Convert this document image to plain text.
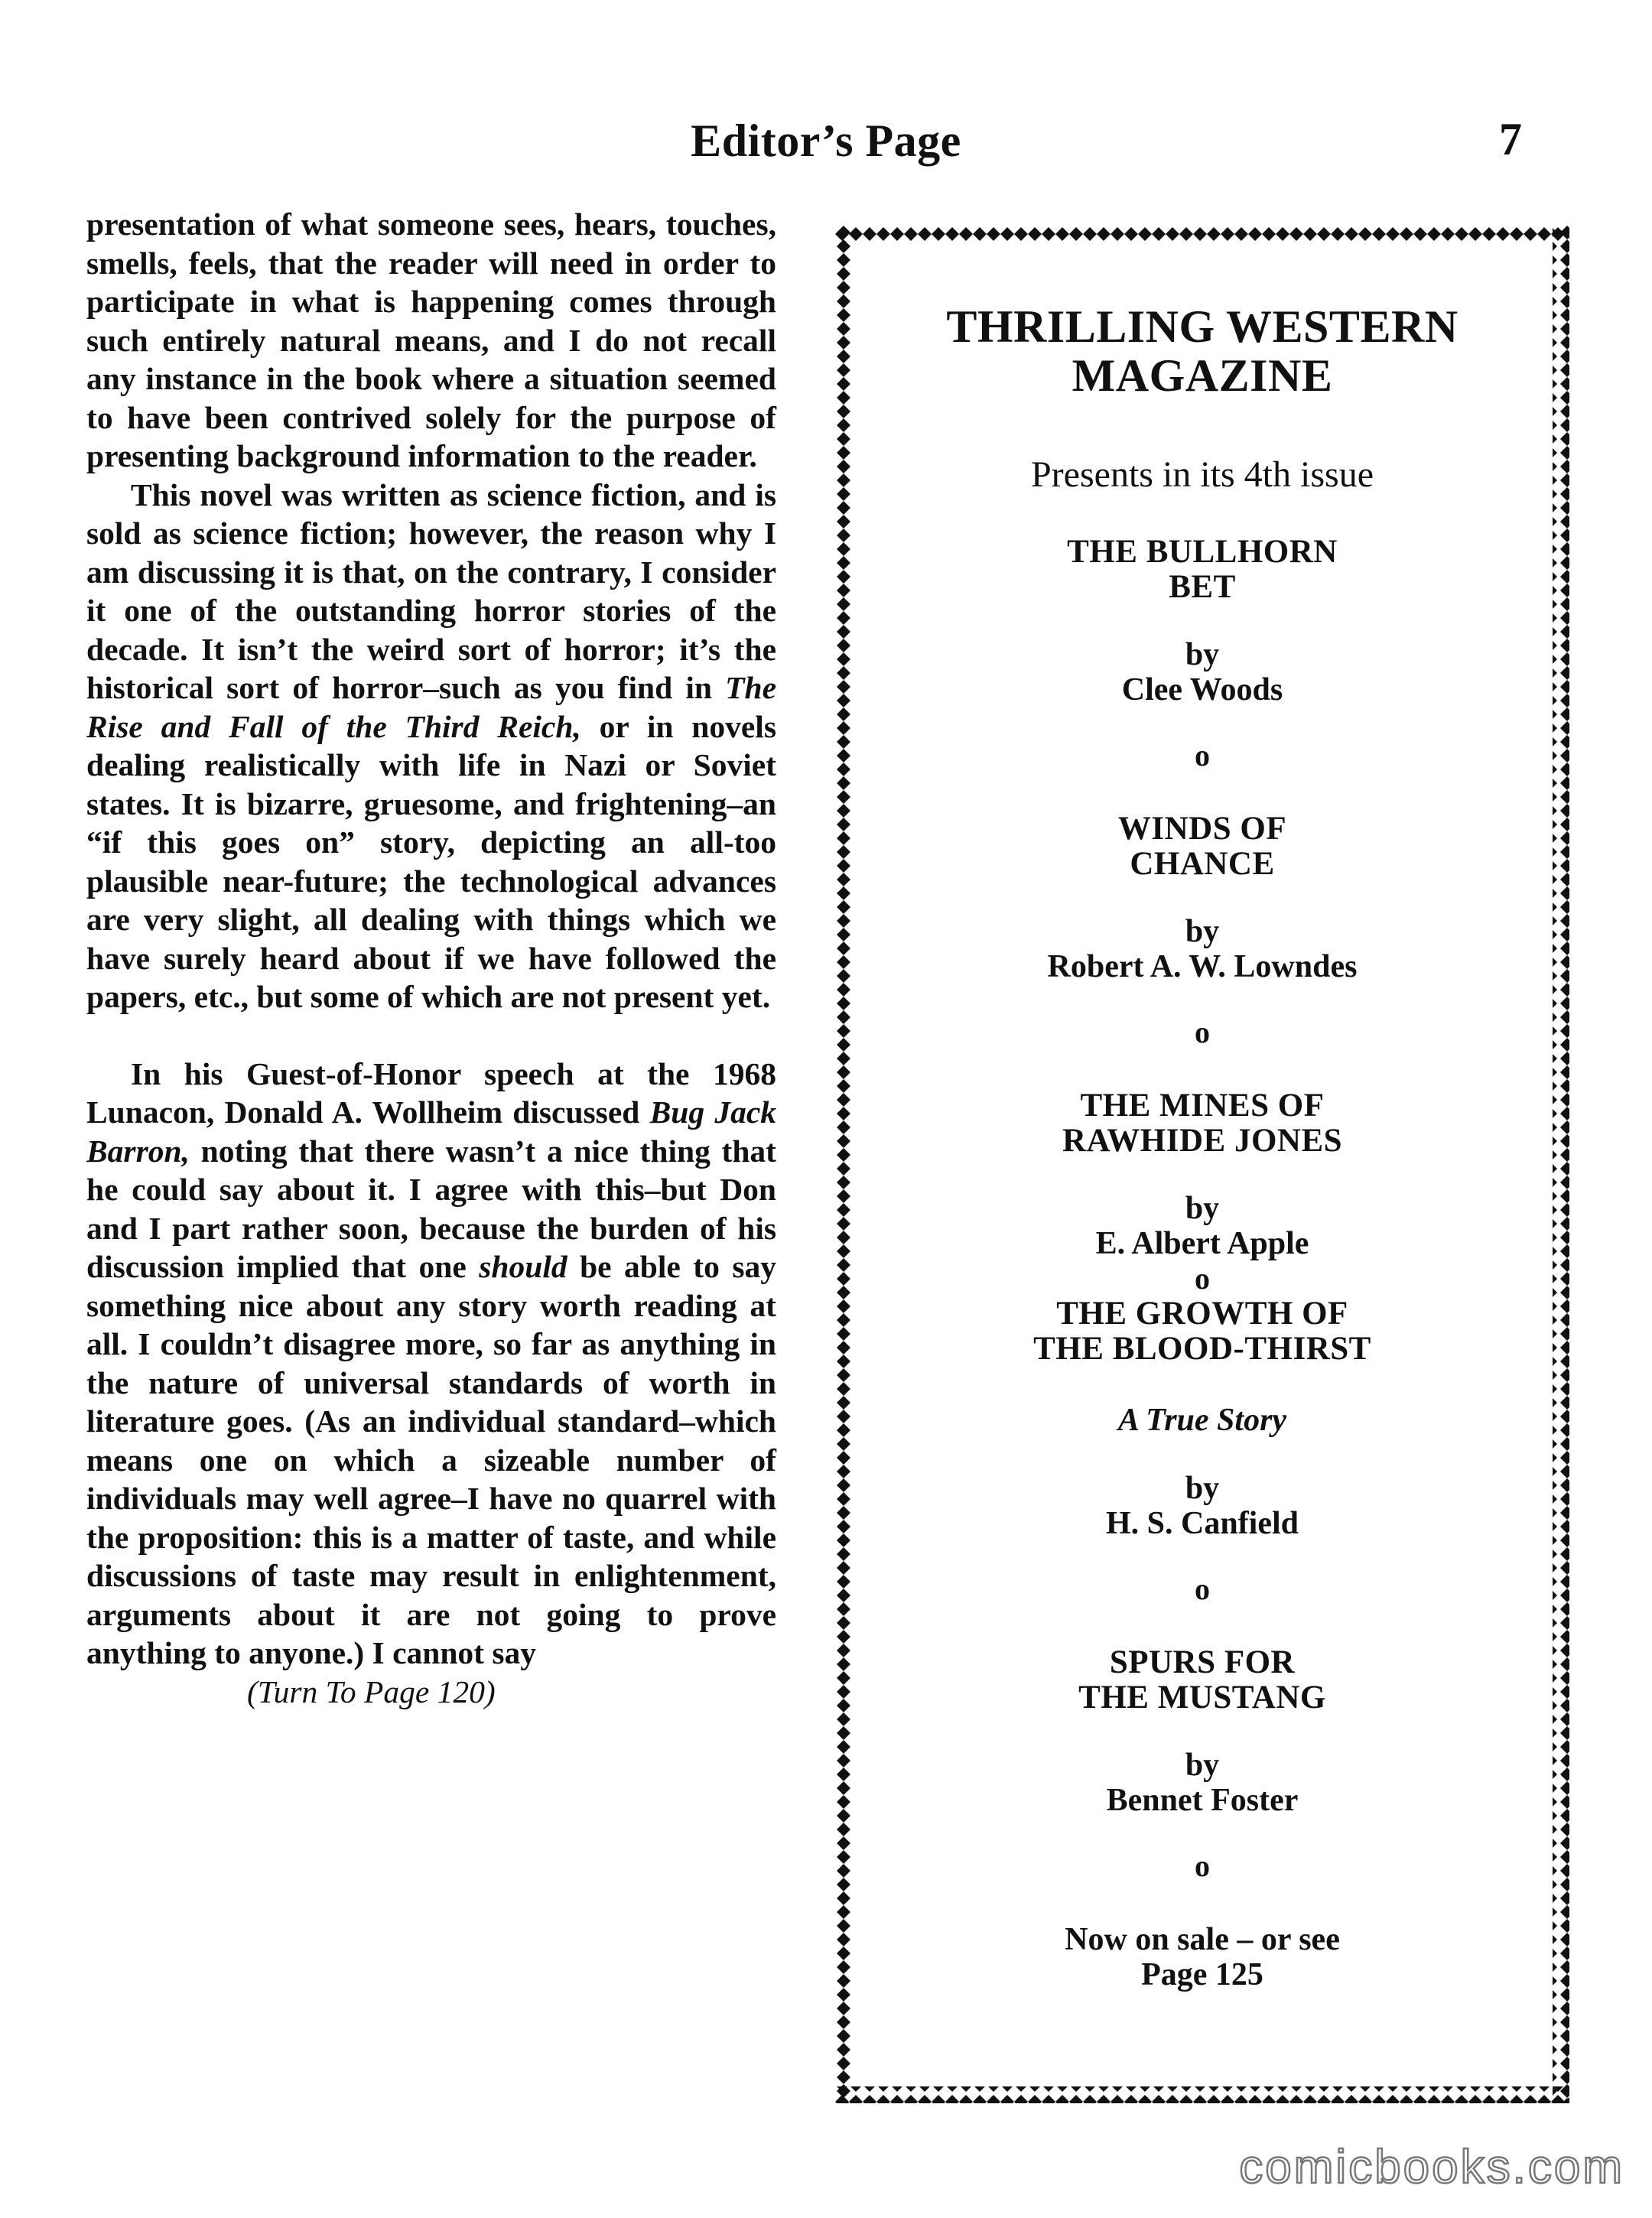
Editor’s Page	7

presentation of what someone sees, hears, touches, smells, feels, that the reader will need in order to participate in what is happening comes through such entirely natural means, and I do not recall any instance in the book where a situation seemed to have been contrived solely for the purpose of presenting background information to the reader.

This novel was written as science fiction, and is sold as science fiction; however, the reason why I am discussing it is that, on the contrary, I consider it one of the outstanding horror stories of the decade. It isn’t the weird sort of horror; it’s the historical sort of horror–such as you find in The Rise and Fall of the Third Reich, or in novels dealing realistically with life in Nazi or Soviet states. It is bizarre, gruesome, and frightening–an “if this goes on” story, depicting an all-too plausible near-future; the technological advances are very slight, all dealing with things which we have surely heard about if we have followed the papers, etc., but some of which are not present yet.

In his Guest-of-Honor speech at the 1968 Lunacon, Donald A. Wollheim discussed Bug Jack Barron, noting that there wasn’t a nice thing that he could say about it. I agree with this–but Don and I part rather soon, because the burden of his discussion implied that one should be able to say something nice about any story worth reading at all. I couldn’t disagree more, so far as anything in the nature of universal standards of worth in literature goes. (As an individual standard–which means one on which a sizeable number of individuals may well agree–I have no quarrel with the proposition: this is a matter of taste, and while discussions of taste may result in enlightenment, arguments about it are not going to prove anything to anyone.) I cannot say

(Turn To Page 120)

THRILLING WESTERN
MAGAZINE
Presents in its 4th issue
THE BULLHORN
BET
by
Clee Woods
o
WINDS OF
CHANCE
by
Robert A. W. Lowndes
o
THE MINES OF
RAWHIDE JONES
by
E. Albert Apple
o
THE GROWTH OF
THE BLOOD-THIRST
A True Story
by
H. S. Canfield
o
SPURS FOR
THE MUSTANG
by
Bennet Foster
o
Now on sale – or see
Page 125
comicbooks.com
